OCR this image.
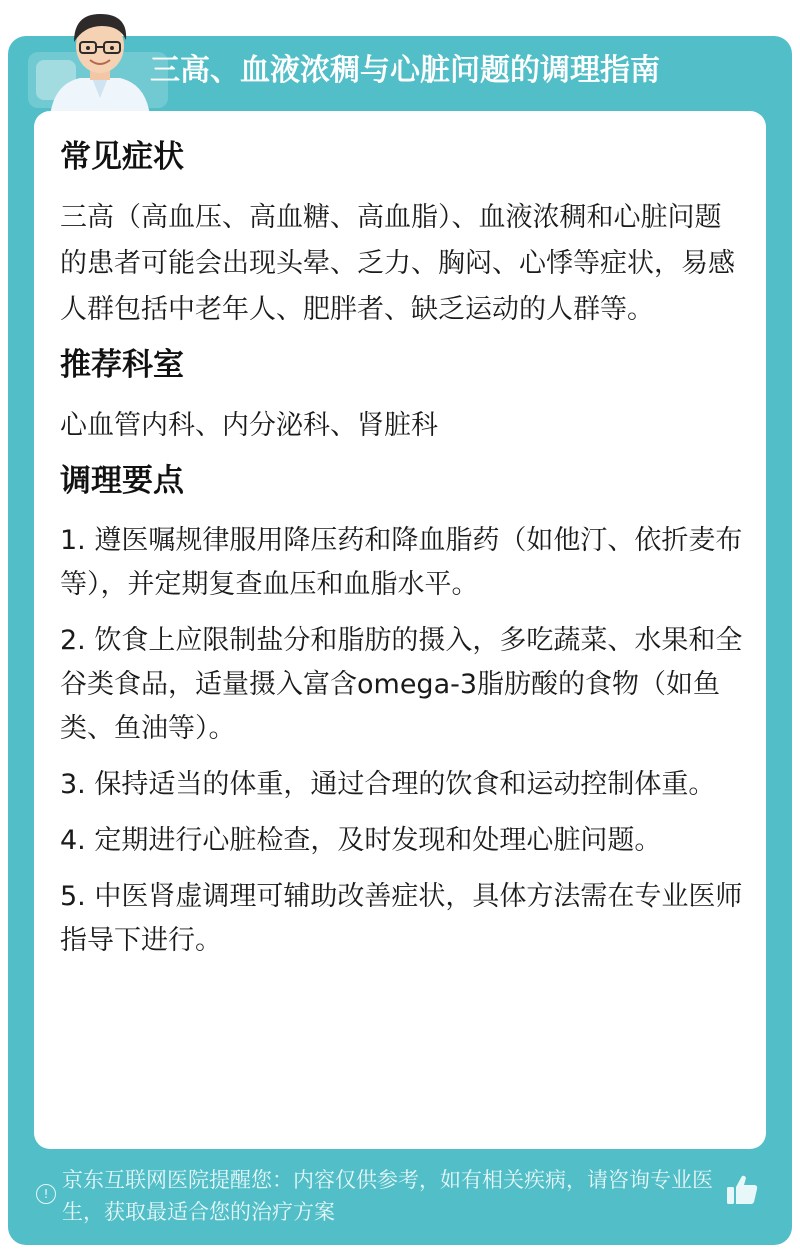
三高、血液浓稠与心脏问题的调理指南
常见症状
三高（高血压、高血糖、高血脂）、血液浓稠和心脏问题的患者可能会出现头晕、乏力、胸闷、心悸等症状，易感人群包括中老年人、肥胖者、缺乏运动的人群等。
推荐科室
心血管内科、内分泌科、肾脏科
调理要点
1. 遵医嘱规律服用降压药和降血脂药（如他汀、依折麦布等），并定期复查血压和血脂水平。
2. 饮食上应限制盐分和脂肪的摄入，多吃蔬菜、水果和全谷类食品，适量摄入富含omega-3脂肪酸的食物（如鱼类、鱼油等）。
3. 保持适当的体重，通过合理的饮食和运动控制体重。
4. 定期进行心脏检查，及时发现和处理心脏问题。
5. 中医肾虚调理可辅助改善症状，具体方法需在专业医师指导下进行。
!
京东互联网医院提醒您：内容仅供参考，如有相关疾病，请咨询专业医生，获取最适合您的治疗方案
